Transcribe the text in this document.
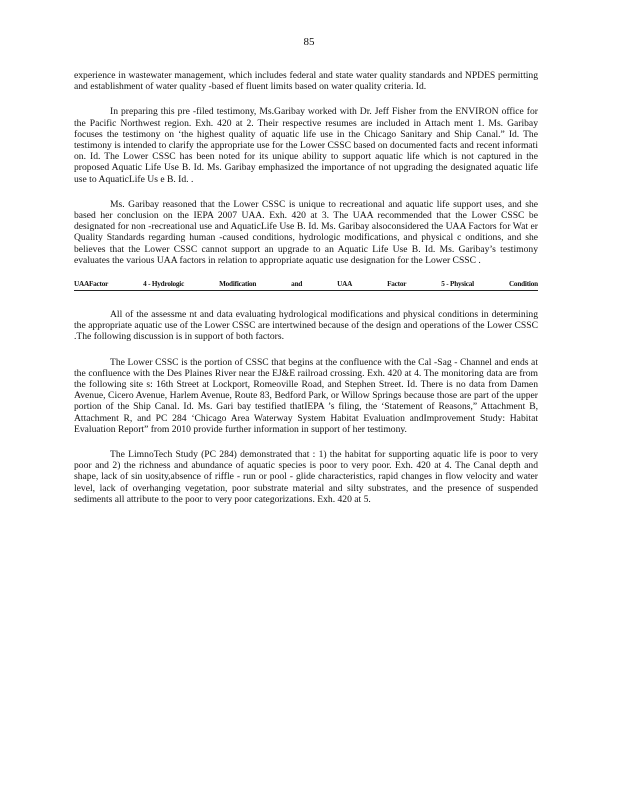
85

experience in wastewater management, which includes federal and state water quality standards and NPDES permitting and establishment of water quality -based ef fluent limits based on water quality criteria. Id.

In preparing this pre -filed testimony, Ms.Garibay worked with Dr. Jeff Fisher from the ENVIRON office for the Pacific Northwest region. Exh. 420 at 2. Their respective resumes are included in Attach ment 1. Ms. Garibay focuses the testimony on ‘the highest quality of aquatic life use in the Chicago Sanitary and Ship Canal.” Id. The testimony is intended to clarify the appropriate use for the Lower CSSC based on documented facts and recent informati on. Id. The Lower CSSC has been noted for its unique ability to support aquatic life which is not captured in the proposed Aquatic Life Use B. Id. Ms. Garibay emphasized the importance of not upgrading the designated aquatic life use to AquaticLife Us e B. Id. .

Ms. Garibay reasoned that the Lower CSSC is unique to recreational and aquatic life support uses, and she based her conclusion on the IEPA 2007 UAA. Exh. 420 at 3. The UAA recommended that the Lower CSSC be designated for non -recreational use and AquaticLife Use B. Id. Ms. Garibay alsoconsidered the UAA Factors for Wat er Quality Standards regarding human -caused conditions, hydrologic modifications, and physical c onditions, and she believes that the Lower CSSC cannot support an upgrade to an Aquatic Life Use B. Id. Ms. Garibay’s testimony evaluates the various UAA factors in relation to appropriate aquatic use designation for the Lower CSSC .

UAAFactor	4 - Hydrologic	Modification	and	UAA	Factor	5 - Physical	Condition

All of the assessme nt and data evaluating hydrological modifications and physical conditions in determining the appropriate aquatic use of the Lower CSSC are intertwined because of the design and operations of the Lower CSSC .The following discussion is in support of both factors.

The Lower CSSC is the portion of CSSC that begins at the confluence with the Cal -Sag - Channel and ends at the confluence with the Des Plaines River near the EJ&E railroad crossing. Exh. 420 at 4. The monitoring data are from the following site s: 16th Street at Lockport, Romeoville Road, and Stephen Street. Id. There is no data from Damen Avenue, Cicero Avenue, Harlem Avenue, Route 83, Bedford Park, or Willow Springs because those are part of the upper portion of the Ship Canal. Id. Ms. Gari bay testified thatIEPA ’s filing, the ‘Statement of Reasons,” Attachment B, Attachment R, and PC 284 ‘Chicago Area Waterway System Habitat Evaluation andImprovement Study: Habitat Evaluation Report” from 2010 provide further information in support of her testimony.

The LimnoTech Study (PC 284) demonstrated that : 1) the habitat for supporting aquatic life is poor to very poor and 2) the richness and abundance of aquatic species is poor to very poor. Exh. 420 at 4. The Canal depth and shape, lack of sin uosity,absence of riffle - run or pool - glide characteristics, rapid changes in flow velocity and water level, lack of overhanging vegetation, poor substrate material and silty substrates, and the presence of suspended sediments all attribute to the poor to very poor categorizations. Exh. 420 at 5.
